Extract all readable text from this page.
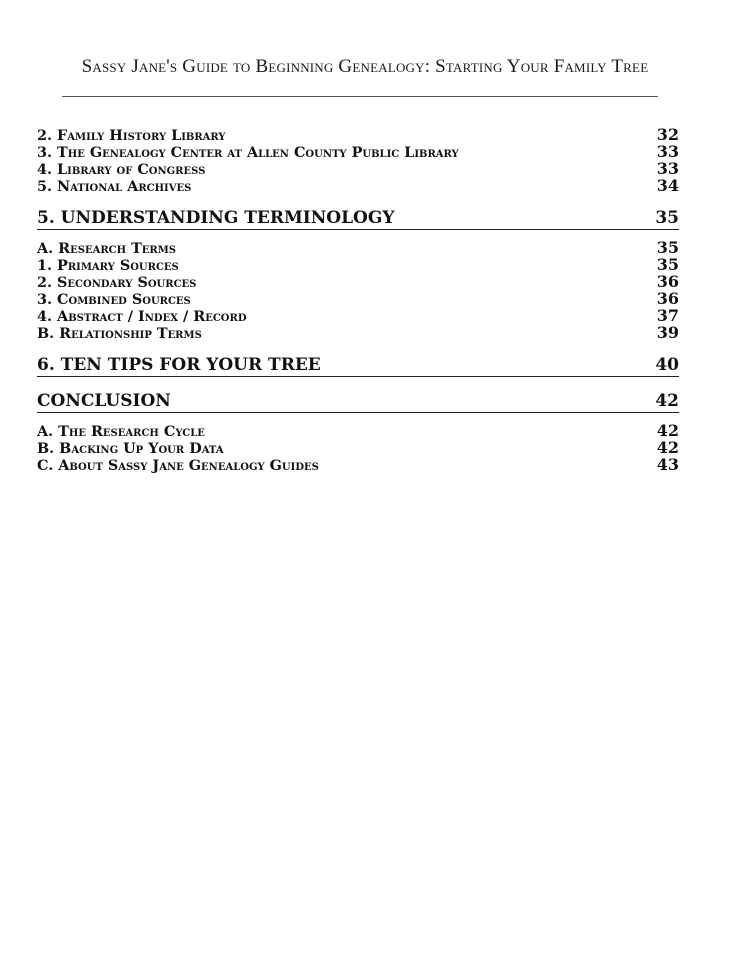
Sassy Jane's Guide to Beginning Genealogy: Starting Your Family Tree
2. Family History Library	32
3. The Genealogy Center at Allen County Public Library	33
4. Library of Congress	33
5. National Archives	34
5. UNDERSTANDING TERMINOLOGY	35
A. Research Terms	35
1. Primary Sources	35
2. Secondary Sources	36
3. Combined Sources	36
4. Abstract / Index / Record	37
B. Relationship Terms	39
6. TEN TIPS FOR YOUR TREE	40
CONCLUSION	42
A. The Research Cycle	42
B. Backing Up Your Data	42
C. About Sassy Jane Genealogy Guides	43
